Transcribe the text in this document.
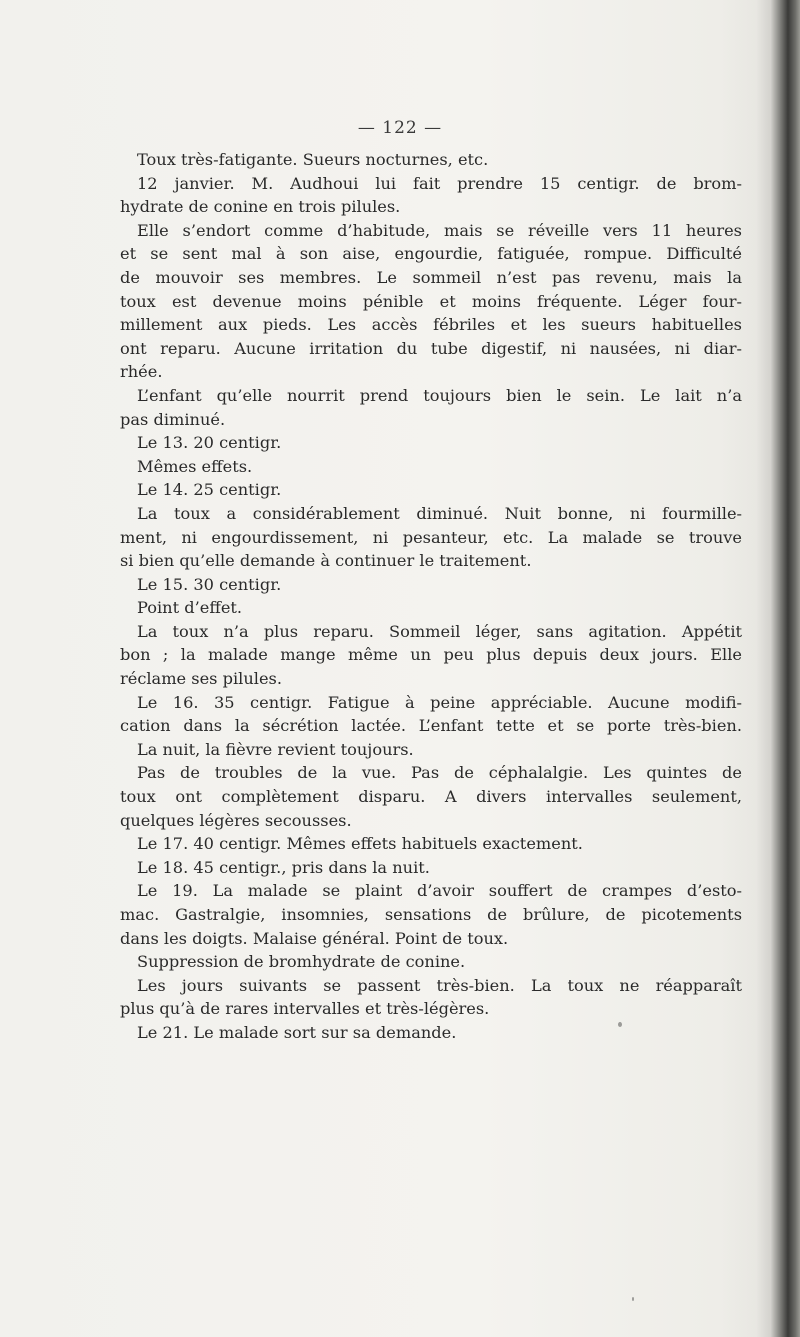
— 122 —
Toux très-fatigante. Sueurs nocturnes, etc.
12 janvier. M. Audhoui lui fait prendre 15 centigr. de brom-
hydrate de conine en trois pilules.
Elle s’endort comme d’habitude, mais se réveille vers 11 heures
et se sent mal à son aise, engourdie, fatiguée, rompue. Difficulté
de mouvoir ses membres. Le sommeil n’est pas revenu, mais la
toux est devenue moins pénible et moins fréquente. Léger four-
millement aux pieds. Les accès fébriles et les sueurs habituelles
ont reparu. Aucune irritation du tube digestif, ni nausées, ni diar-
rhée.
L’enfant qu’elle nourrit prend toujours bien le sein. Le lait n’a
pas diminué.
Le 13. 20 centigr.
Mêmes effets.
Le 14. 25 centigr.
La toux a considérablement diminué. Nuit bonne, ni fourmille-
ment, ni engourdissement, ni pesanteur, etc. La malade se trouve
si bien qu’elle demande à continuer le traitement.
Le 15. 30 centigr.
Point d’effet.
La toux n’a plus reparu. Sommeil léger, sans agitation. Appétit
bon ; la malade mange même un peu plus depuis deux jours. Elle
réclame ses pilules.
Le 16. 35 centigr. Fatigue à peine appréciable. Aucune modifi-
cation dans la sécrétion lactée. L’enfant tette et se porte très-bien.
La nuit, la fièvre revient toujours.
Pas de troubles de la vue. Pas de céphalalgie. Les quintes de
toux ont complètement disparu. A divers intervalles seulement,
quelques légères secousses.
Le 17. 40 centigr. Mêmes effets habituels exactement.
Le 18. 45 centigr., pris dans la nuit.
Le 19. La malade se plaint d’avoir souffert de crampes d’esto-
mac. Gastralgie, insomnies, sensations de brûlure, de picotements
dans les doigts. Malaise général. Point de toux.
Suppression de bromhydrate de conine.
Les jours suivants se passent très-bien. La toux ne réapparaît
plus qu’à de rares intervalles et très-légères.
Le 21. Le malade sort sur sa demande.
